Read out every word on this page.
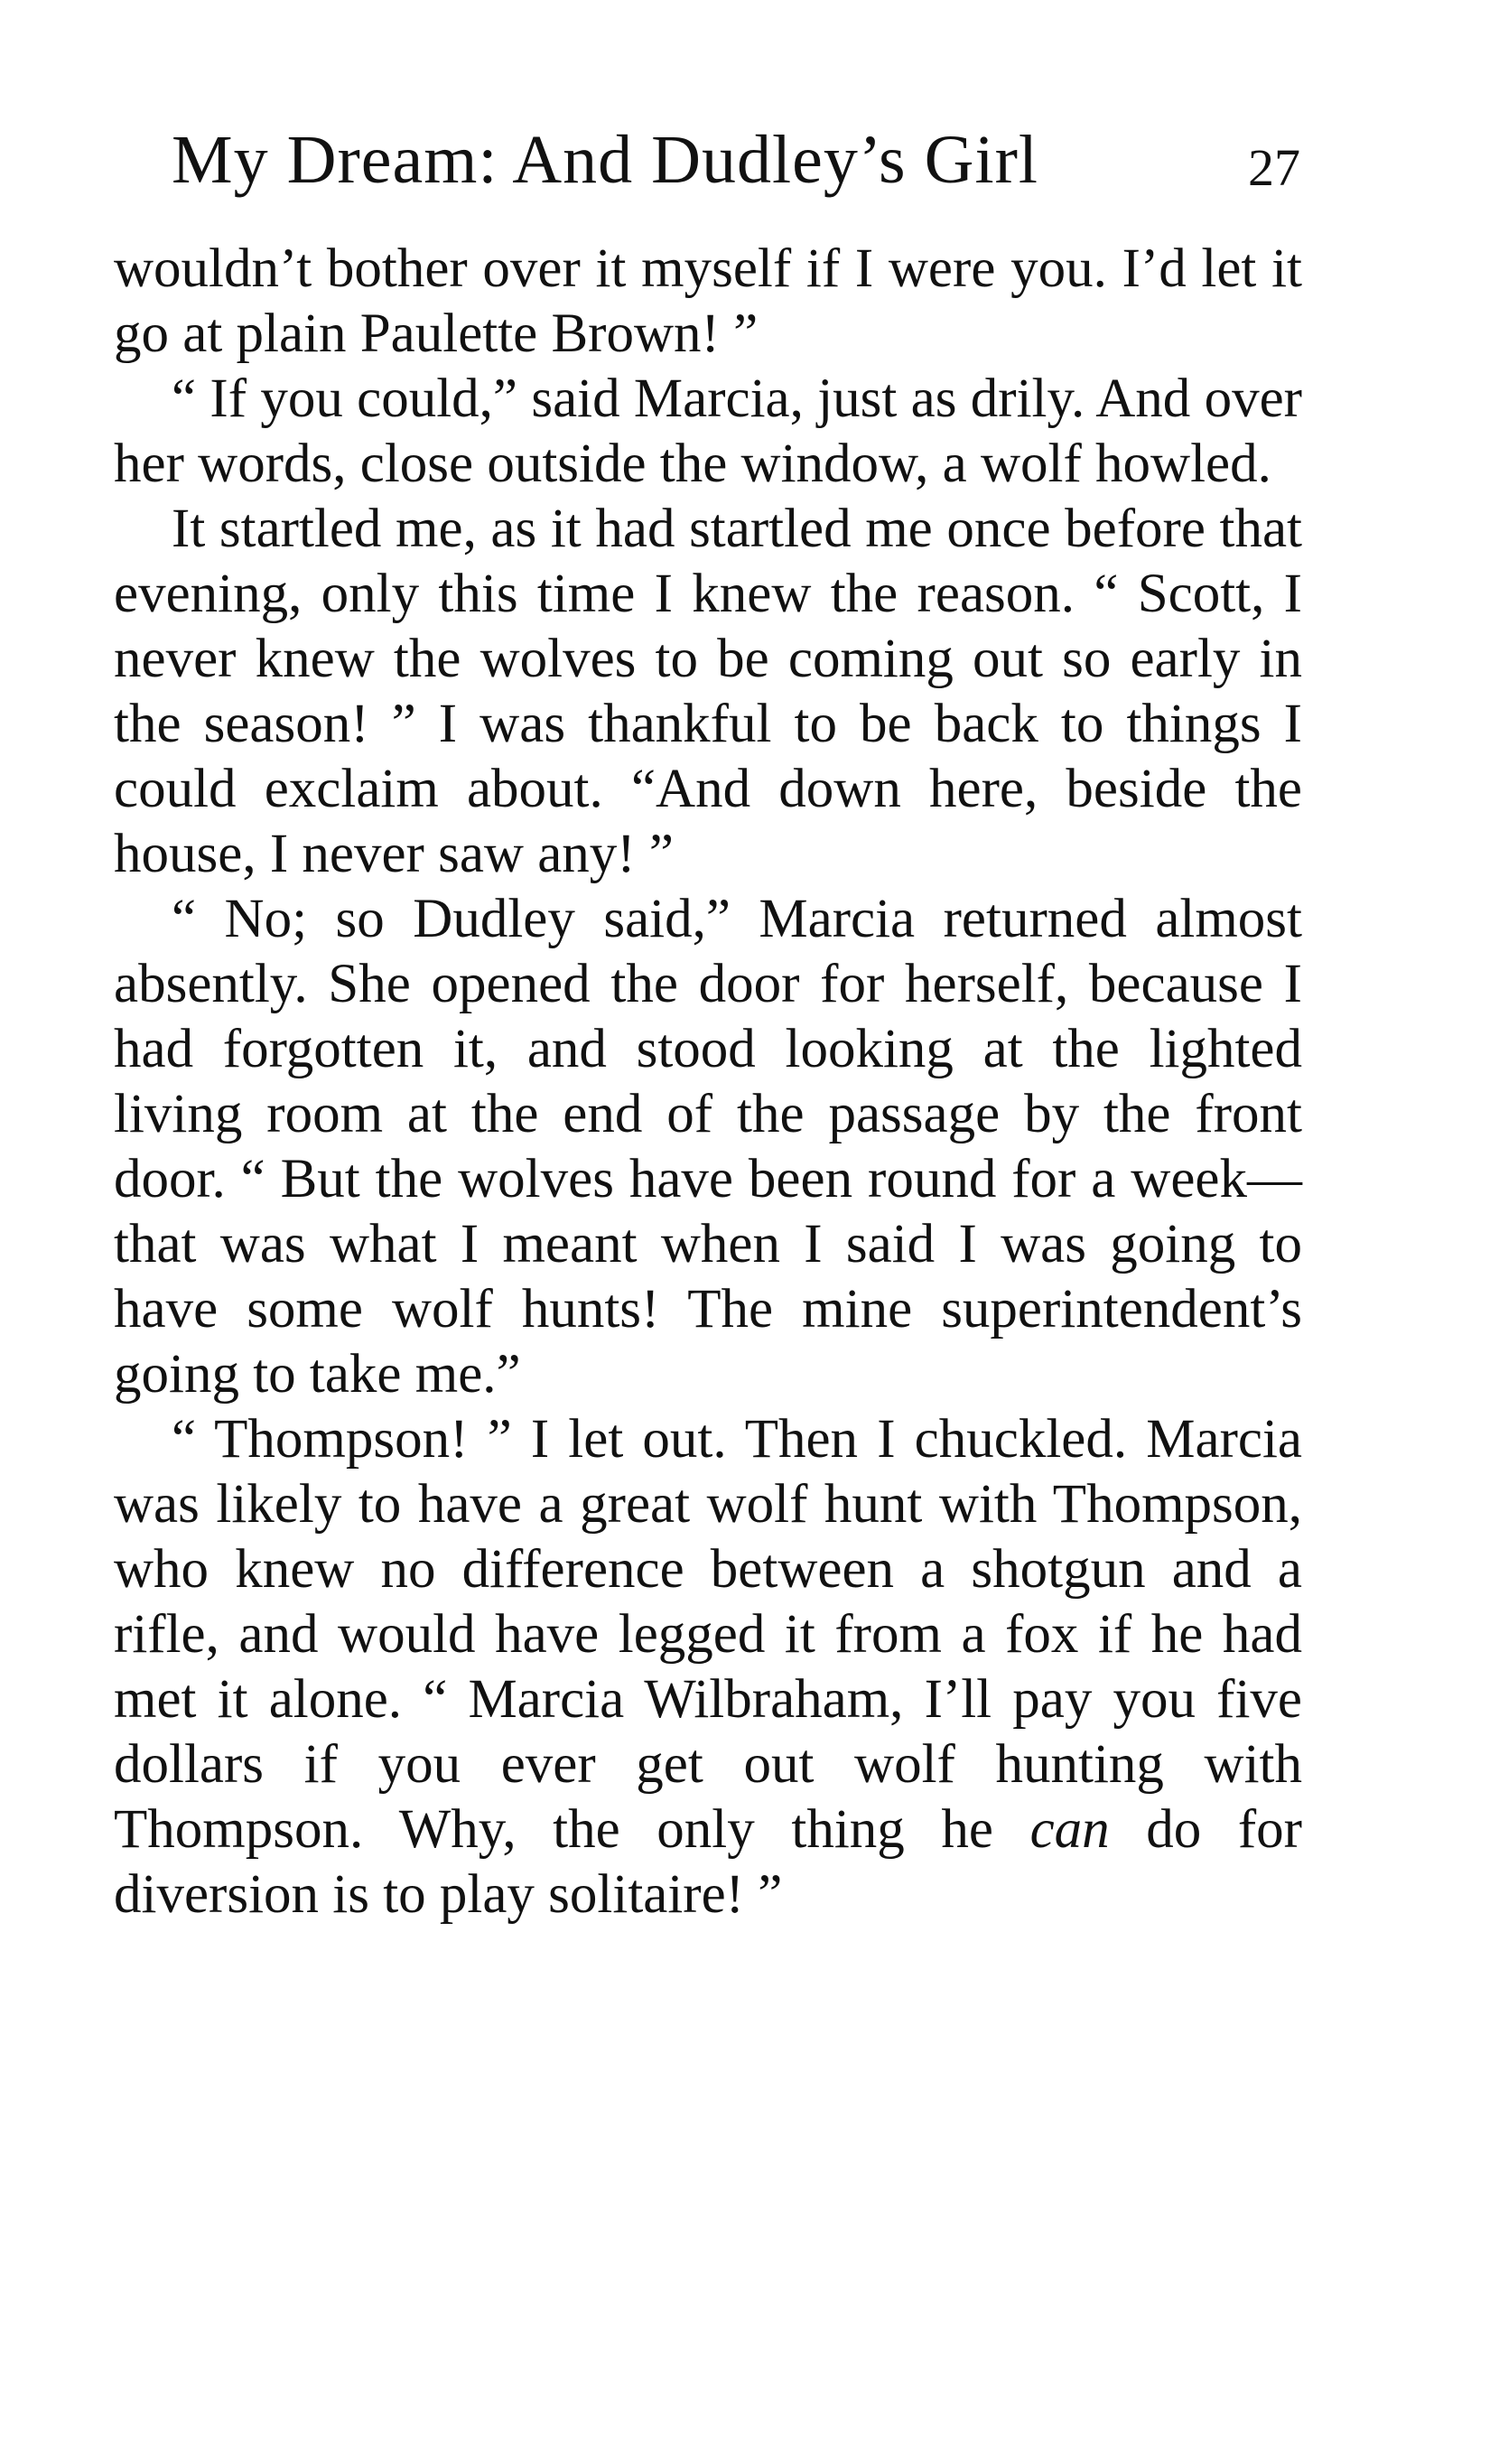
My Dream: And Dudley’s Girl	27

wouldn’t bother over it myself if I were you. I’d let it go at plain Paulette Brown! ”

“ If you could,” said Marcia, just as drily. And over her words, close outside the window, a wolf howled.

It startled me, as it had startled me once before that evening, only this time I knew the reason. “ Scott, I never knew the wolves to be coming out so early in the season! ” I was thankful to be back to things I could exclaim about. “And down here, beside the house, I never saw any! ”

“ No; so Dudley said,” Marcia returned almost absently. She opened the door for herself, because I had forgotten it, and stood looking at the lighted living room at the end of the passage by the front door. “ But the wolves have been round for a week—that was what I meant when I said I was going to have some wolf hunts! The mine superintendent’s going to take me.”

“ Thompson! ” I let out. Then I chuckled. Marcia was likely to have a great wolf hunt with Thompson, who knew no difference between a shotgun and a rifle, and would have legged it from a fox if he had met it alone. “ Marcia Wilbraham, I’ll pay you five dollars if you ever get out wolf hunting with Thompson. Why, the only thing he can do for diversion is to play solitaire! ”
